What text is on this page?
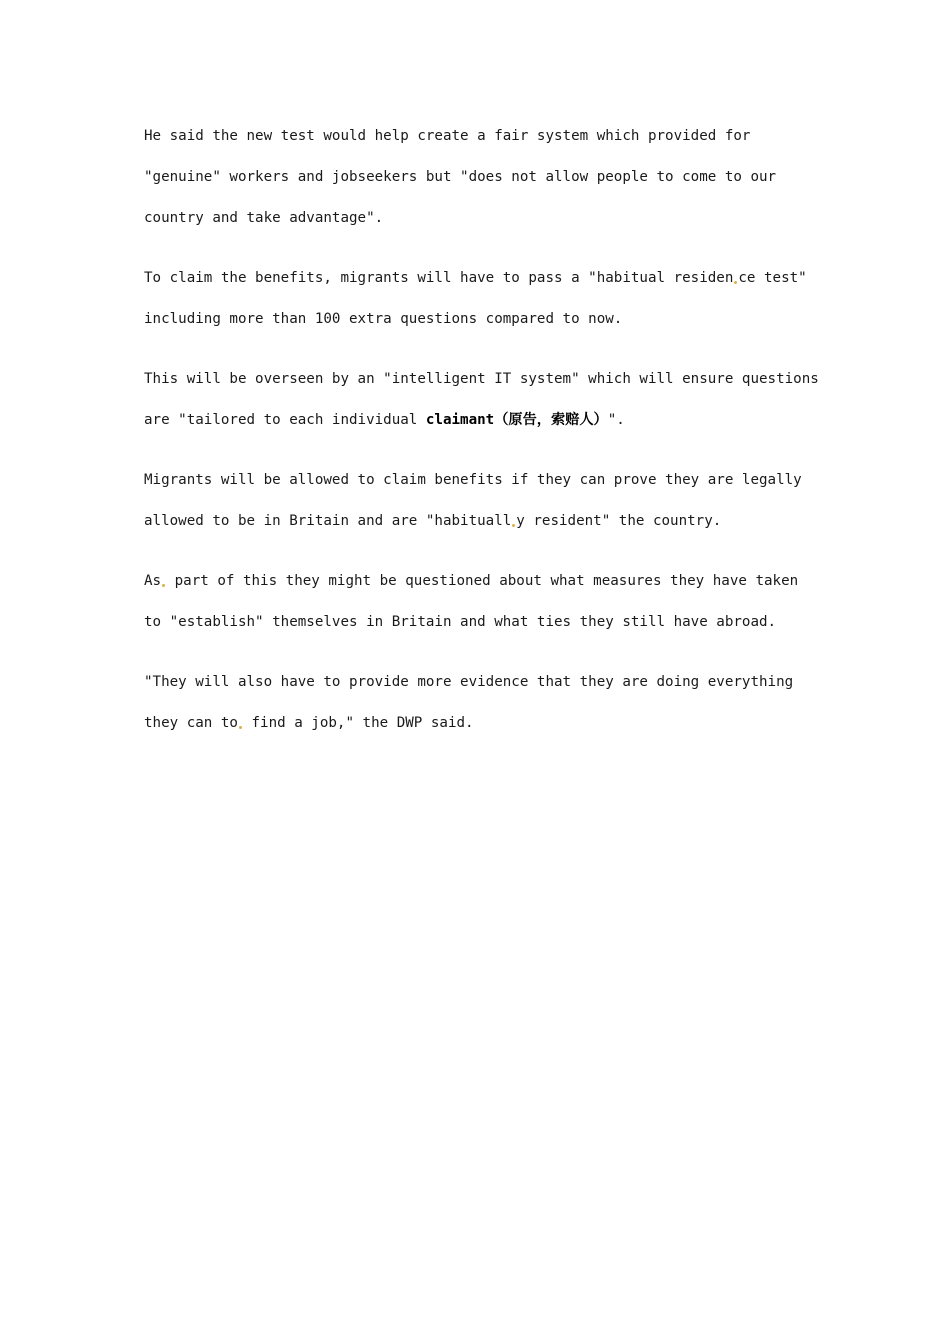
He said the new test would help create a fair system which provided for
"genuine" workers and jobseekers but "does not allow people to come to our
country and take advantage".

To claim the benefits, migrants will have to pass a "habitual residen ce test"
including more than 100 extra questions compared to now.

This will be overseen by an "intelligent IT system" which will ensure questions
are "tailored to each individual claimant（原告，索赔人）".

Migrants will be allowed to claim benefits if they can prove they are legally
allowed to be in Britain and are "habituall y resident" the country.

As part of this they might be questioned about what measures they have taken
to "establish" themselves in Britain and what ties they still have abroad.

"They will also have to provide more evidence that they are doing everything
they can to find a job," the DWP said.
